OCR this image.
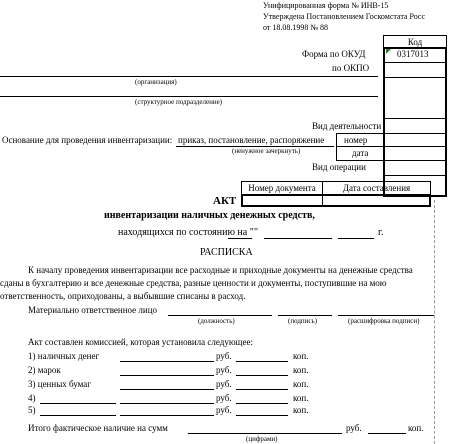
Унифицированная форма № ИНВ-15
Утверждена Постановлением Госкомстата Росс
от 18.08.1998 № 88
Код
Форма по ОКУД	0317013
по ОКПО
(организация)
(структурное подразделение)
Вид деятельности
Основание для проведения инвентаризации: приказ, постановление, распоряжение номер
дата
(ненужное зачеркнуть)
Вид операции
Номер документа	Дата составления
АКТ
инвентаризации наличных денежных средств,
находящихся по состоянию на " "	г.
РАСПИСКА
К началу проведения инвентаризации все расходные и приходные документы на денежные средства
сданы в бухгалтерию и все денежные средства, разные ценности и документы, поступившие на мою
ответственность, оприходованы, а выбывшие списаны в расход.
Материально ответственное лицо
(должность)	(подпись)	(расшифровка подписи)
Акт составлен комиссией, которая установила следующее:
1) наличных денег	руб.	коп.
2) марок	руб.	коп.
3) ценных бумаг	руб.	коп.
4)	руб.	коп.
5)	руб.	коп.
Итого фактическое наличие на сумм	руб.	коп.
(цифрами)
